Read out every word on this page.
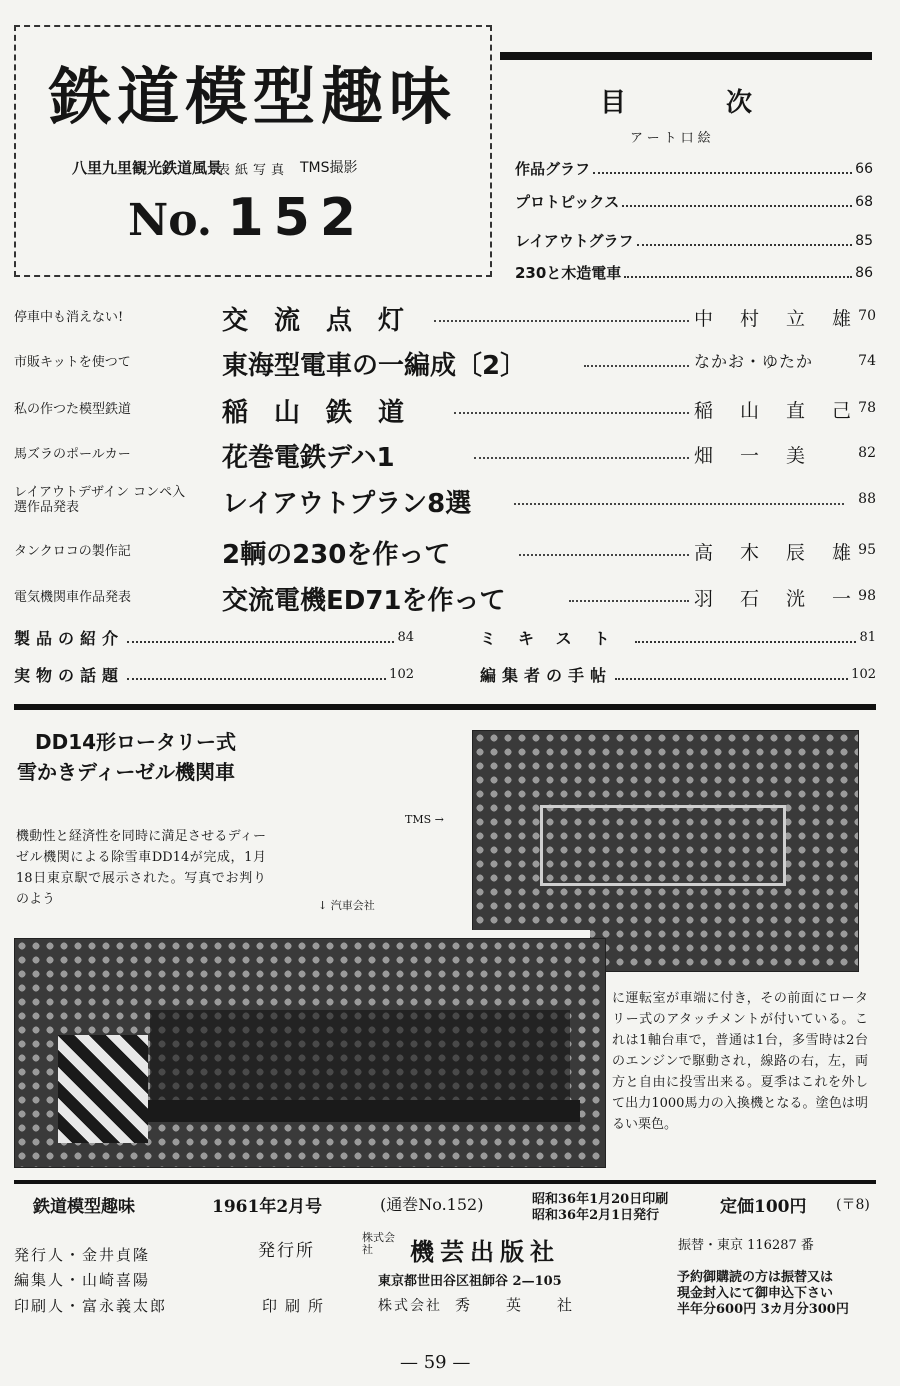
鉄道模型趣味
表紙写真
八里九里観光鉄道風景	TMS撮影
No. 152
目次
アート口絵
作品グラフ	66
プロトピックス	68
レイアウトグラフ	85
230と木造電車	86
停車中も消えない!	交　流　点　灯	中　村　立　雄 70
市販キットを使つて	東海型電車の一編成〔2〕	なかお・ゆたか	74
私の作つた模型鉄道	稲　山　鉄　道	稲　山　直　己 78
馬ズラのポールカー	花巻電鉄デハ1	畑　一　美	82
レイアウトデザイン コンペ入選作品発表	レイアウトプラン8選	88
タンクロコの製作記	2輌の230を作って	高　木　辰　雄 95
電気機関車作品発表	交流電機ED71を作って	羽　石　洸　一 98
製品の紹介	84	ミキスト	81
実物の話題	102	編集者の手帖	102
DD14形ロータリー式
雪かきディーゼル機関車
TMS →
機動性と経済性を同時に満足させるディーゼル機関による除雪車DD14が完成，1月18日東京駅で展示された。写真でお判りのよう	↓ 汽車会社
に運転室が車端に付き，その前面にロータリー式のアタッチメントが付いている。これは1軸台車で，普通は1台，多雪時は2台のエンジンで駆動され，線路の右，左，両方と自由に投雪出来る。夏季はこれを外して出力1000馬力の入換機となる。塗色は明るい栗色。
鉄道模型趣味	1961年2月号	(通巻No.152)	昭和36年1月20日印刷
昭和36年2月1日発行	定価100円 (〒8)
発行人・金井貞隆
編集人・山崎喜陽
印刷人・富永義太郎
発行所
株式会社	機芸出版社
東京都世田谷区祖師谷 2—105
印刷所	株式会社 秀英社
振替・東京 116287 番
予約御購読の方は振替又は
現金封入にて御申込下さい
半年分600円 3カ月分300円
— 59 —
